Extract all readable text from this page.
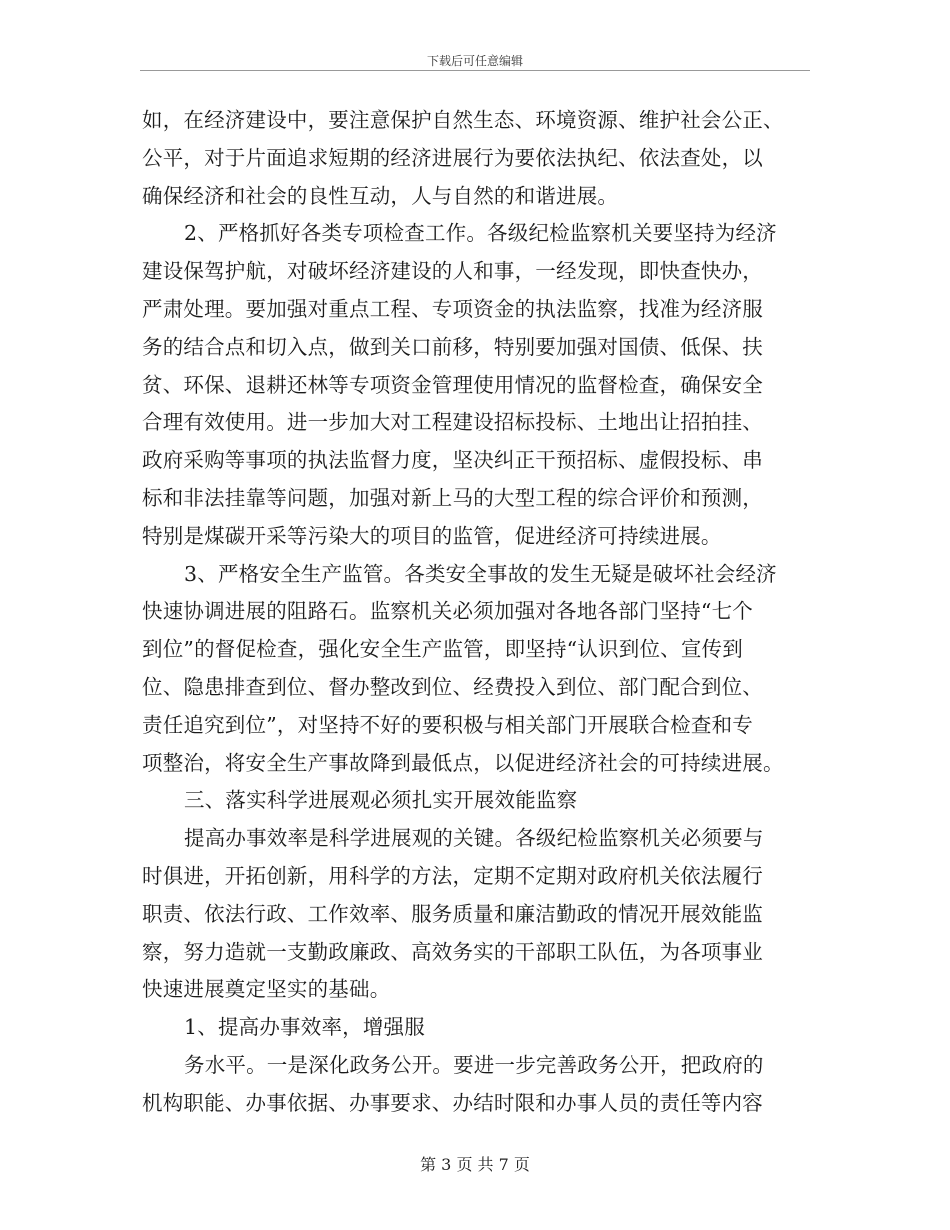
下载后可任意编辑
如，在经济建设中，要注意保护自然生态、环境资源、维护社会公正、
公平，对于片面追求短期的经济进展行为要依法执纪、依法查处，以
确保经济和社会的良性互动，人与自然的和谐进展。
2、严格抓好各类专项检查工作。各级纪检监察机关要坚持为经济
建设保驾护航，对破坏经济建设的人和事，一经发现，即快查快办，
严肃处理。要加强对重点工程、专项资金的执法监察，找准为经济服
务的结合点和切入点，做到关口前移，特别要加强对国债、低保、扶
贫、环保、退耕还林等专项资金管理使用情况的监督检查，确保安全
合理有效使用。进一步加大对工程建设招标投标、土地出让招拍挂、
政府采购等事项的执法监督力度，坚决纠正干预招标、虚假投标、串
标和非法挂靠等问题，加强对新上马的大型工程的综合评价和预测，
特别是煤碳开采等污染大的项目的监管，促进经济可持续进展。
3、严格安全生产监管。各类安全事故的发生无疑是破坏社会经济
快速协调进展的阻路石。监察机关必须加强对各地各部门坚持“七个
到位”的督促检查，强化安全生产监管，即坚持“认识到位、宣传到
位、隐患排查到位、督办整改到位、经费投入到位、部门配合到位、
责任追究到位”，对坚持不好的要积极与相关部门开展联合检查和专
项整治，将安全生产事故降到最低点，以促进经济社会的可持续进展。
三、落实科学进展观必须扎实开展效能监察
提高办事效率是科学进展观的关键。各级纪检监察机关必须要与
时俱进，开拓创新，用科学的方法，定期不定期对政府机关依法履行
职责、依法行政、工作效率、服务质量和廉洁勤政的情况开展效能监
察，努力造就一支勤政廉政、高效务实的干部职工队伍，为各项事业
快速进展奠定坚实的基础。
1、提高办事效率，增强服
务水平。一是深化政务公开。要进一步完善政务公开，把政府的
机构职能、办事依据、办事要求、办结时限和办事人员的责任等内容
第 3 页 共 7 页
